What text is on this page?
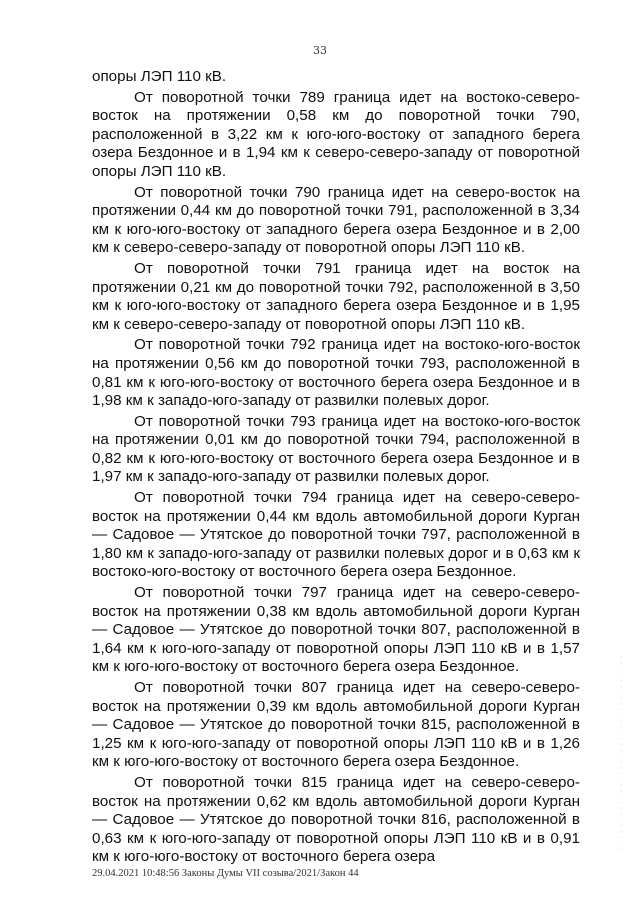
33

опоры ЛЭП 110 кВ.

От поворотной точки 789 граница идет на востоко-северо-восток на протяжении 0,58 км до поворотной точки 790, расположенной в 3,22 км к юго-юго-востоку от западного берега озера Бездонное и в 1,94 км к северо-северо-западу от поворотной опоры ЛЭП 110 кВ.

От поворотной точки 790 граница идет на северо-восток на протяжении 0,44 км до поворотной точки 791, расположенной в 3,34 км к юго-юго-востоку от западного берега озера Бездонное и в 2,00 км к северо-северо-западу от поворотной опоры ЛЭП 110 кВ.

От поворотной точки 791 граница идет на восток на протяжении 0,21 км до поворотной точки 792, расположенной в 3,50 км к юго-юго-востоку от западного берега озера Бездонное и в 1,95 км к северо-северо-западу от поворотной опоры ЛЭП 110 кВ.

От поворотной точки 792 граница идет на востоко-юго-восток на протяжении 0,56 км до поворотной точки 793, расположенной в 0,81 км к юго-юго-востоку от восточного берега озера Бездонное и в 1,98 км к западо-юго-западу от развилки полевых дорог.

От поворотной точки 793 граница идет на востоко-юго-восток на протяжении 0,01 км до поворотной точки 794, расположенной в 0,82 км к юго-юго-востоку от восточного берега озера Бездонное и в 1,97 км к западо-юго-западу от развилки полевых дорог.

От поворотной точки 794 граница идет на северо-северо-восток на протяжении 0,44 км вдоль автомобильной дороги Курган — Садовое — Утятское до поворотной точки 797, расположенной в 1,80 км к западо-юго-западу от развилки полевых дорог и в 0,63 км к востоко-юго-востоку от восточного берега озера Бездонное.

От поворотной точки 797 граница идет на северо-северо-восток на протяжении 0,38 км вдоль автомобильной дороги Курган — Садовое — Утятское до поворотной точки 807, расположенной в 1,64 км к юго-юго-западу от поворотной опоры ЛЭП 110 кВ и в 1,57 км к юго-юго-востоку от восточного берега озера Бездонное.

От поворотной точки 807 граница идет на северо-северо-восток на протяжении 0,39 км вдоль автомобильной дороги Курган — Садовое — Утятское до поворотной точки 815, расположенной в 1,25 км к юго-юго-западу от поворотной опоры ЛЭП 110 кВ и в 1,26 км к юго-юго-востоку от восточного берега озера Бездонное.

От поворотной точки 815 граница идет на северо-северо-восток на протяжении 0,62 км вдоль автомобильной дороги Курган — Садовое — Утятское до поворотной точки 816, расположенной в 0,63 км к юго-юго-западу от поворотной опоры ЛЭП 110 кВ и в 0,91 км к юго-юго-востоку от восточного берега озера

· · · · · · · · · · · · · · · · · · · · · · · · · · · · · · · · · ·
29.04.2021 10:48:56 Законы Думы VII созыва/2021/Закон 44
